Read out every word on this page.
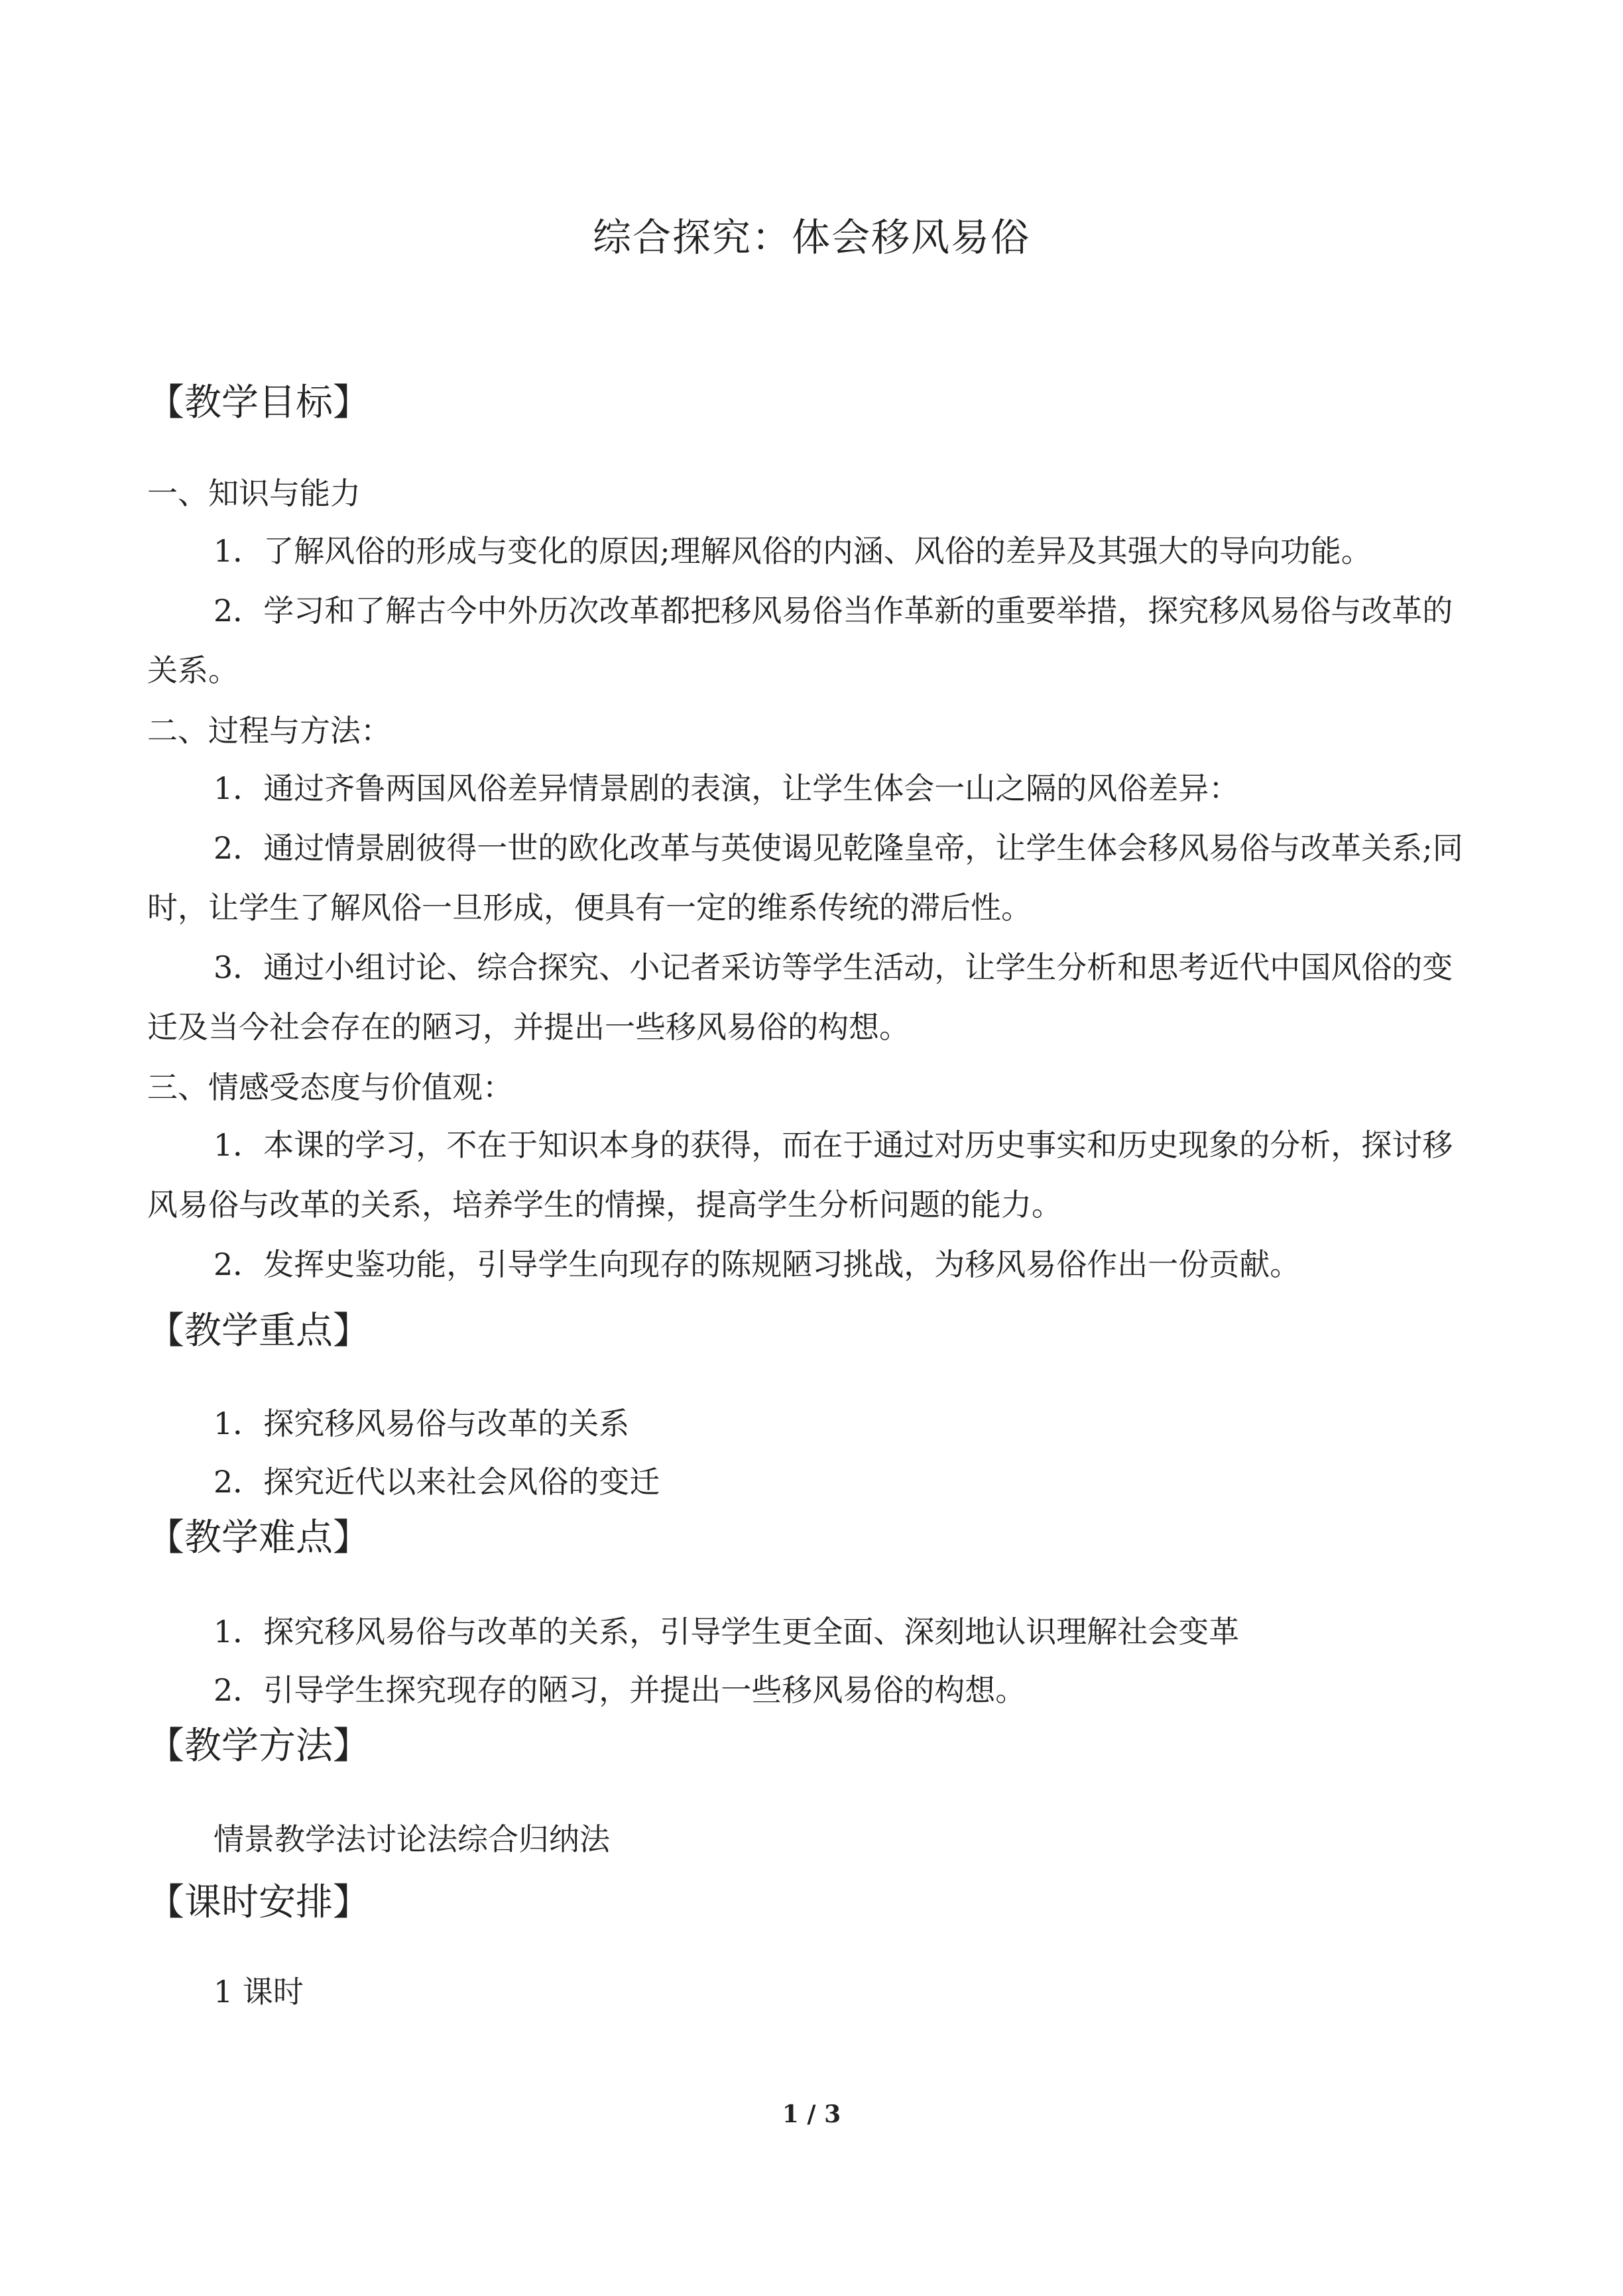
综合探究：体会移风易俗
【教学目标】
一、知识与能力

1．了解风俗的形成与变化的原因;理解风俗的内涵、风俗的差异及其强大的导向功能。

2．学习和了解古今中外历次改革都把移风易俗当作革新的重要举措，探究移风易俗与改革的关系。

二、过程与方法：

1．通过齐鲁两国风俗差异情景剧的表演，让学生体会一山之隔的风俗差异：

2．通过情景剧彼得一世的欧化改革与英使谒见乾隆皇帝，让学生体会移风易俗与改革关系;同时，让学生了解风俗一旦形成，便具有一定的维系传统的滞后性。

3．通过小组讨论、综合探究、小记者采访等学生活动，让学生分析和思考近代中国风俗的变迁及当今社会存在的陋习，并提出一些移风易俗的构想。

三、情感受态度与价值观：

1．本课的学习，不在于知识本身的获得，而在于通过对历史事实和历史现象的分析，探讨移风易俗与改革的关系，培养学生的情操，提高学生分析问题的能力。

2．发挥史鉴功能，引导学生向现存的陈规陋习挑战，为移风易俗作出一份贡献。

【教学重点】

1．探究移风易俗与改革的关系

2．探究近代以来社会风俗的变迁

【教学难点】

1．探究移风易俗与改革的关系，引导学生更全面、深刻地认识理解社会变革

2．引导学生探究现存的陋习，并提出一些移风易俗的构想。

【教学方法】
情景教学法讨论法综合归纳法
【课时安排】
1 课时
1 / 3
